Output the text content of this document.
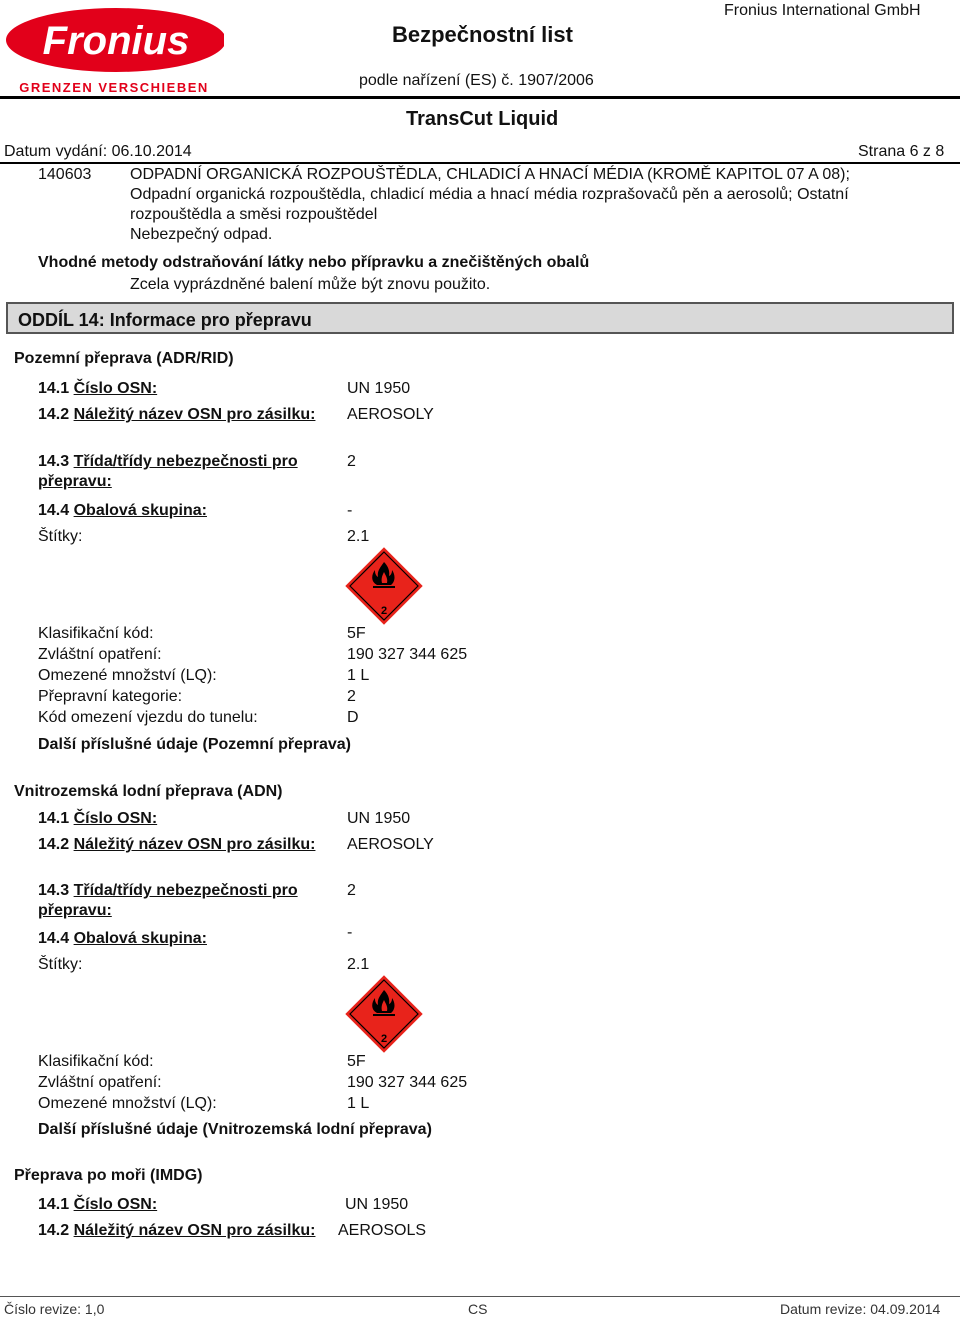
Fronius
GRENZEN VERSCHIEBEN
Bezpečnostní list
Fronius International GmbH
podle nařízení (ES) č. 1907/2006
TransCut Liquid
Datum vydání: 06.10.2014	Strana 6 z 8
140603 ODPADNÍ ORGANICKÁ ROZPOUŠTĚDLA, CHLADICÍ A HNACÍ MÉDIA (KROMĚ KAPITOL 07 A 08);
Odpadní organická rozpouštědla, chladicí média a hnací média rozprašovačů pěn a aerosolů; Ostatní
rozpouštědla a směsi rozpouštědel
Nebezpečný odpad.
Vhodné metody odstraňování látky nebo přípravku a znečištěných obalů
Zcela vyprázdněné balení může být znovu použito.
ODDÍL 14: Informace pro přepravu
Pozemní přeprava (ADR/RID)
14.1 Číslo OSN:	UN 1950
14.2 Náležitý název OSN pro zásilku: AEROSOLY
14.3 Třída/třídy nebezpečnosti pro
přepravu:
2
14.4 Obalová skupina:	-
Štítky:	2.1
2
Klasifikační kód:	5F
Zvláštní opatření:	190 327 344 625
Omezené množství (LQ):	1 L
Přepravní kategorie:	2
Kód omezení vjezdu do tunelu:	D
Další příslušné údaje (Pozemní přeprava)
Vnitrozemská lodní přeprava (ADN)
14.1 Číslo OSN:	UN 1950
14.2 Náležitý název OSN pro zásilku: AEROSOLY
14.3 Třída/třídy nebezpečnosti pro
přepravu:
2
14.4 Obalová skupina:	-
Štítky:	2.1
2
Klasifikační kód:	5F
Zvláštní opatření:	190 327 344 625
Omezené množství (LQ):	1 L
Další příslušné údaje (Vnitrozemská lodní přeprava)
Přeprava po moři (IMDG)
14.1 Číslo OSN:	UN 1950
14.2 Náležitý název OSN pro zásilku: AEROSOLS
Číslo revize: 1,0	CS	Datum revize: 04.09.2014
